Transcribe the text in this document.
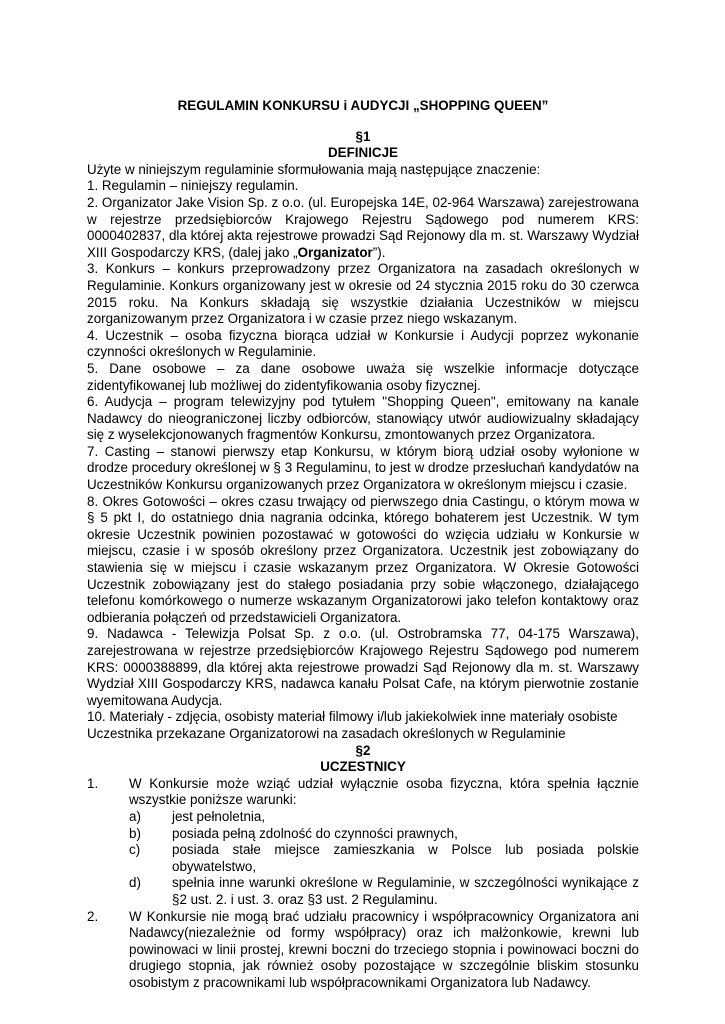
REGULAMIN KONKURSU i AUDYCJI „SHOPPING QUEEN”
§1
DEFINICJE

Użyte w niniejszym regulaminie sformułowania mają następujące znaczenie:

1. Regulamin – niniejszy regulamin.

2. Organizator Jake Vision Sp. z o.o. (ul. Europejska 14E, 02-964 Warszawa) zarejestrowana w rejestrze przedsiębiorców Krajowego Rejestru Sądowego pod numerem KRS: 0000402837, dla której akta rejestrowe prowadzi Sąd Rejonowy dla m. st. Warszawy Wydział XIII Gospodarczy KRS, (dalej jako „Organizator”).

3. Konkurs – konkurs przeprowadzony przez Organizatora na zasadach określonych w Regulaminie. Konkurs organizowany jest w okresie od 24 stycznia 2015 roku do 30 czerwca 2015 roku. Na Konkurs składają się wszystkie działania Uczestników w miejscu zorganizowanym przez Organizatora i w czasie przez niego wskazanym.

4. Uczestnik – osoba fizyczna biorąca udział w Konkursie i Audycji poprzez wykonanie czynności określonych w Regulaminie.

5. Dane osobowe – za dane osobowe uważa się wszelkie informacje dotyczące zidentyfikowanej lub możliwej do zidentyfikowania osoby fizycznej.

6. Audycja – program telewizyjny pod tytułem "Shopping Queen", emitowany na kanale Nadawcy do nieograniczonej liczby odbiorców, stanowiący utwór audiowizualny składający się z wyselekcjonowanych fragmentów Konkursu, zmontowanych przez Organizatora.

7. Casting – stanowi pierwszy etap Konkursu, w którym biorą udział osoby wyłonione w drodze procedury określonej w § 3 Regulaminu, to jest w drodze przesłuchań kandydatów na Uczestników Konkursu organizowanych przez Organizatora w określonym miejscu i czasie.

8. Okres Gotowości – okres czasu trwający od pierwszego dnia Castingu, o którym mowa w § 5 pkt I, do ostatniego dnia nagrania odcinka, którego bohaterem jest Uczestnik. W tym okresie Uczestnik powinien pozostawać w gotowości do wzięcia udziału w Konkursie w miejscu, czasie i w sposób określony przez Organizatora. Uczestnik jest zobowiązany do stawienia się w miejscu i czasie wskazanym przez Organizatora. W Okresie Gotowości Uczestnik zobowiązany jest do stałego posiadania przy sobie włączonego, działającego telefonu komórkowego o numerze wskazanym Organizatorowi jako telefon kontaktowy oraz odbierania połączeń od przedstawicieli Organizatora.

9. Nadawca - Telewizja Polsat Sp. z o.o. (ul. Ostrobramska 77, 04-175 Warszawa), zarejestrowana w rejestrze przedsiębiorców Krajowego Rejestru Sądowego pod numerem KRS: 0000388899, dla której akta rejestrowe prowadzi Sąd Rejonowy dla m. st. Warszawy Wydział XIII Gospodarczy KRS, nadawca kanału Polsat Cafe, na którym pierwotnie zostanie wyemitowana Audycja.

10. Materiały - zdjęcia, osobisty materiał filmowy i/lub jakiekolwiek inne materiały osobiste Uczestnika przekazane Organizatorowi na zasadach określonych w Regulaminie

§2
UCZESTNICY
1.	W Konkursie może wziąć udział wyłącznie osoba fizyczna, która spełnia łącznie wszystkie poniższe warunki:
a)	jest pełnoletnia,
b)	posiada pełną zdolność do czynności prawnych,
c)	posiada stałe miejsce zamieszkania w Polsce lub posiada polskie obywatelstwo,
d)	spełnia inne warunki określone w Regulaminie, w szczególności wynikające z §2 ust. 2. i ust. 3. oraz §3 ust. 2 Regulaminu.
2.	W Konkursie nie mogą brać udziału pracownicy i współpracownicy Organizatora ani Nadawcy(niezależnie od formy współpracy) oraz ich małżonkowie, krewni lub powinowaci w linii prostej, krewni boczni do trzeciego stopnia i powinowaci boczni do drugiego stopnia, jak również osoby pozostające w szczególnie bliskim stosunku osobistym z pracownikami lub współpracownikami Organizatora lub Nadawcy.
